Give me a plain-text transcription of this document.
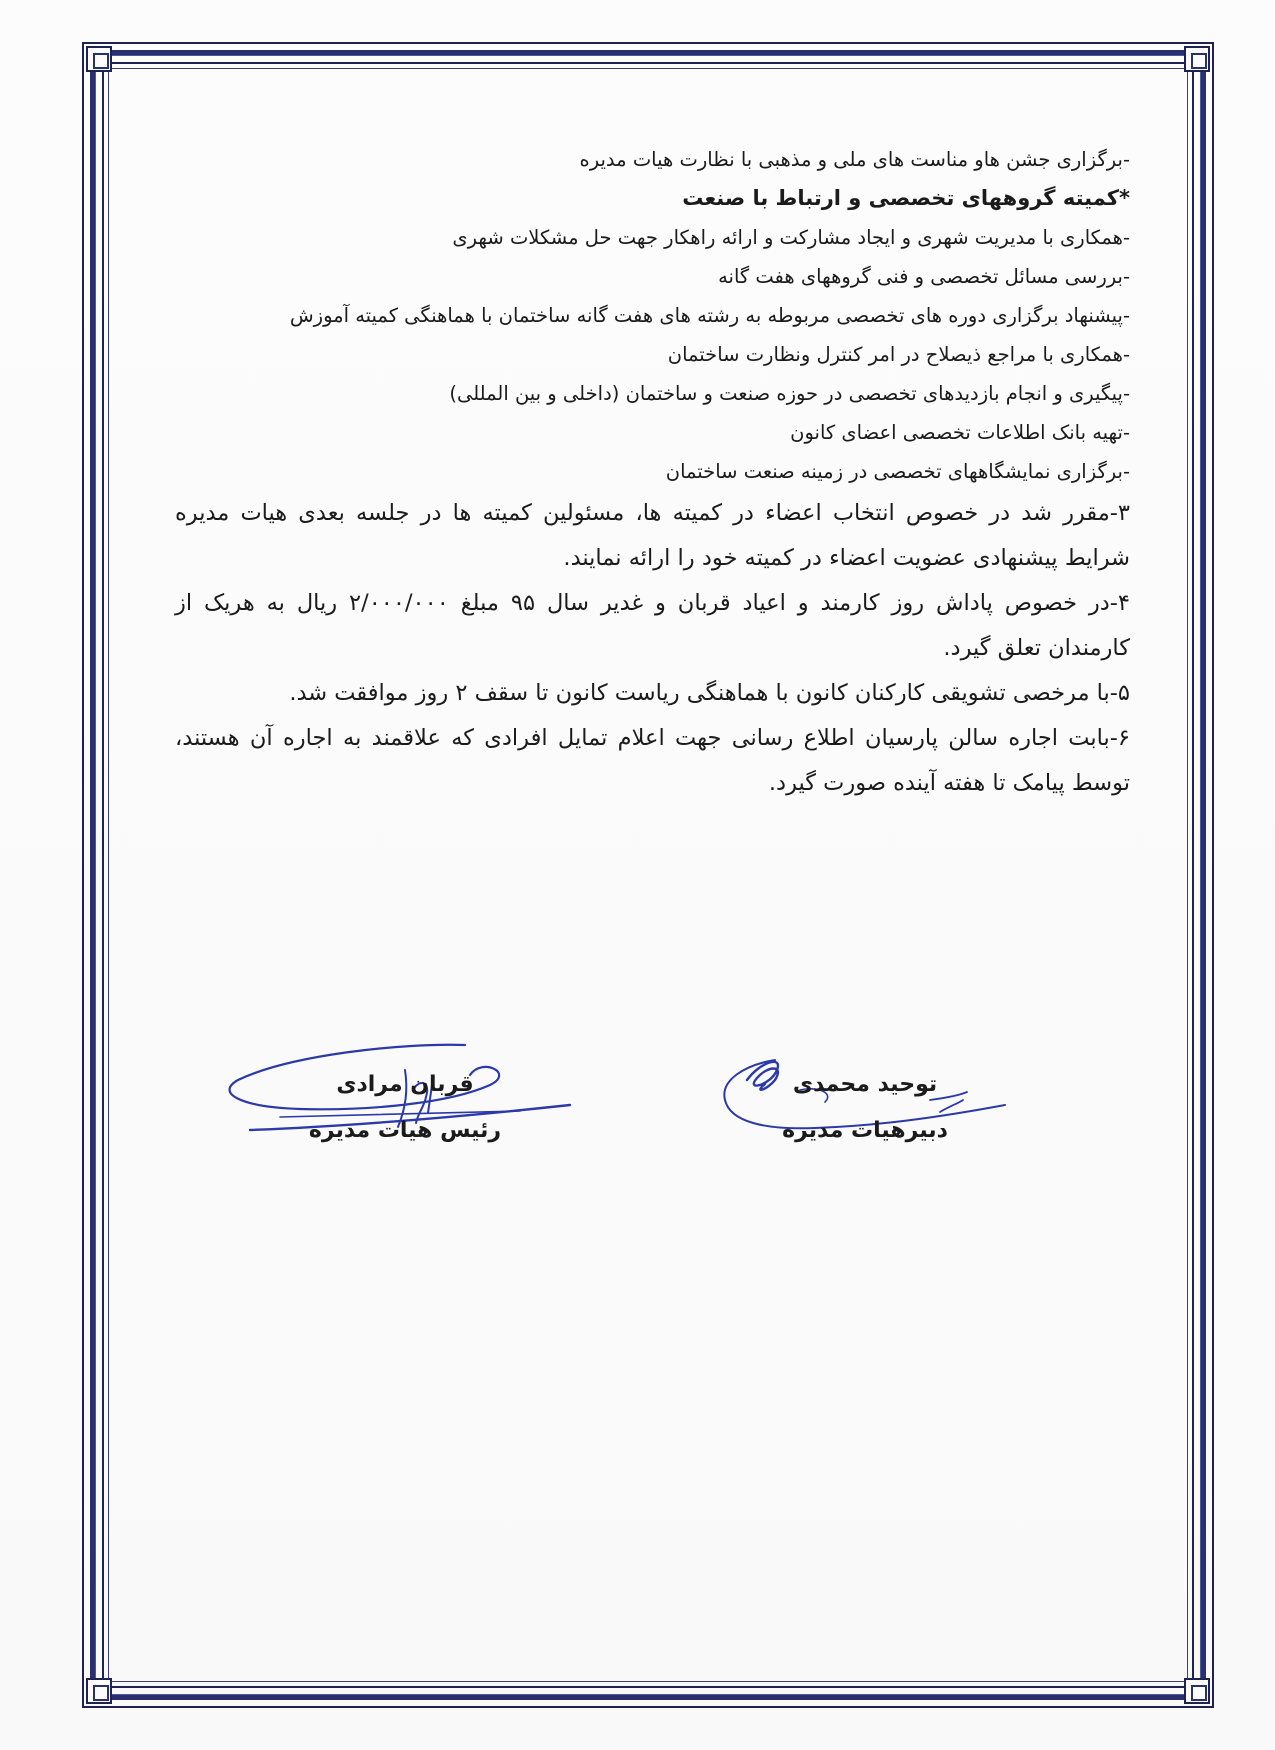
-برگزاری جشن هاو مناست های ملی و مذهبی با نظارت هیات مدیره
*کمیته گروههای تخصصی و ارتباط با صنعت
-همکاری با مدیریت شهری و ایجاد مشارکت و ارائه راهکار جهت حل مشکلات شهری
-بررسی مسائل تخصصی و فنی گروههای هفت گانه
-پیشنهاد برگزاری دوره های تخصصی مربوطه به رشته های هفت گانه ساختمان با هماهنگی کمیته آموزش
-همکاری با مراجع ذیصلاح در امر کنترل ونظارت ساختمان
-پیگیری و انجام بازدیدهای تخصصی در حوزه صنعت و ساختمان (داخلی و بین المللی)
-تهیه بانک اطلاعات تخصصی اعضای کانون
-برگزاری نمایشگاههای تخصصی در زمینه صنعت ساختمان

۳-مقرر شد در خصوص انتخاب اعضاء در کمیته ها، مسئولین کمیته ها در جلسه بعدی هیات مدیره شرایط پیشنهادی عضویت اعضاء در کمیته خود را ارائه نمایند.

۴-در خصوص پاداش روز کارمند و اعیاد قربان و غدیر سال ۹۵ مبلغ ۲/۰۰۰/۰۰۰ ریال به هریک از کارمندان تعلق گیرد.

۵-با مرخصی تشویقی کارکنان کانون با هماهنگی ریاست کانون تا سقف ۲ روز موافقت شد.

۶-بابت اجاره سالن پارسیان اطلاع رسانی جهت اعلام تمایل افرادی که علاقمند به اجاره آن هستند، توسط پیامک تا هفته آینده صورت گیرد.

قربان مرادی
رئیس هیات مدیره
توحید محمدی
دبیرهیات مدیره
